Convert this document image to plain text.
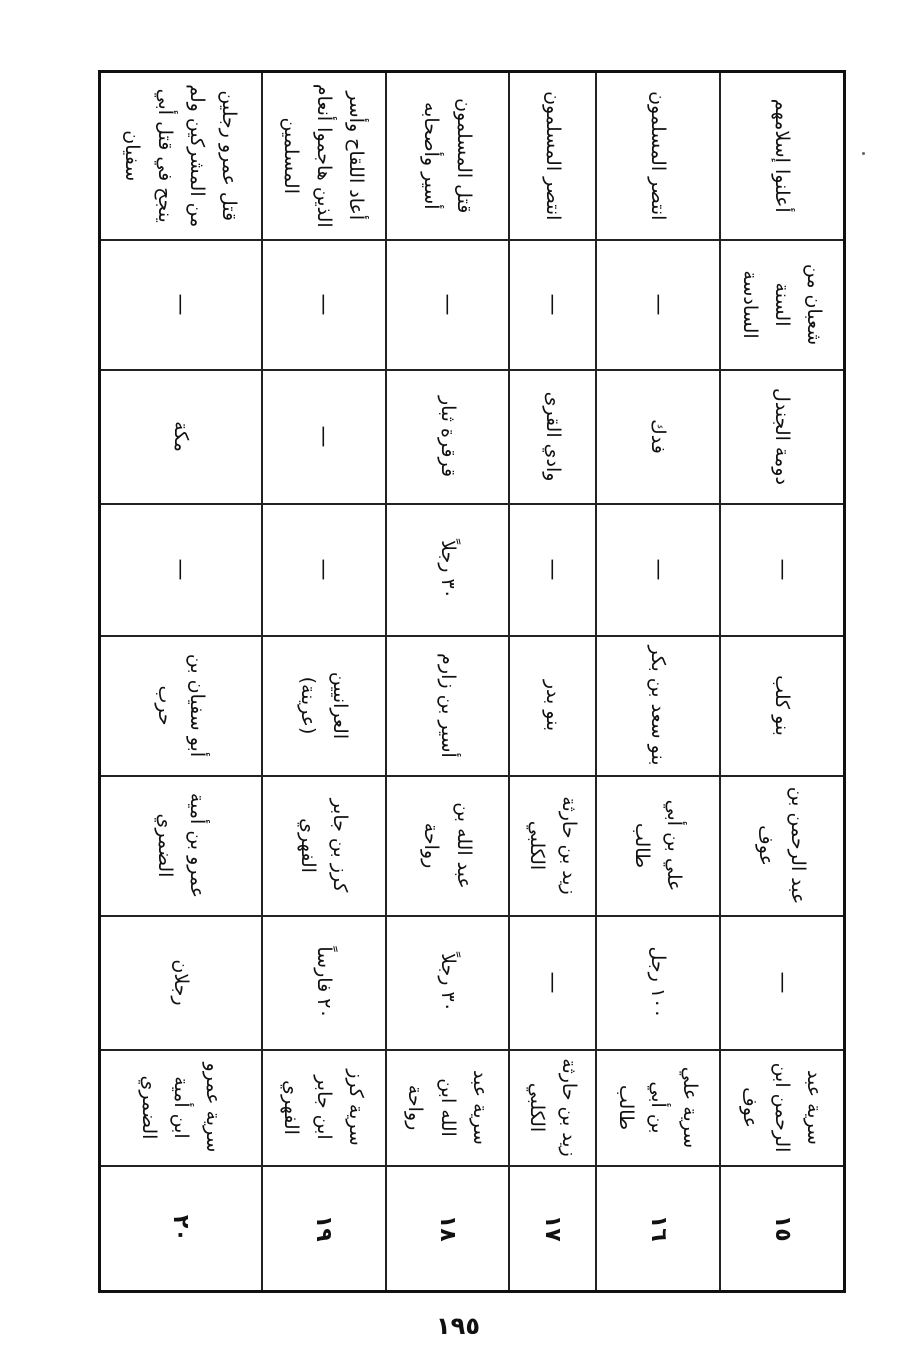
١٥	سرية عبد الرحمن ابن عوف	—	عبد الرحمن بن عوف	بنو كلب	—	دومة الجندل	شعبان من السنة السادسة	أعلنوا إسلامهم
١٦	سرية علي بن أبي طالب	١٠٠ رجل	علي بن أبي طالب	بنو سعد بن بكر	—	فدك	—	انتصر المسلمون
١٧	زيد بن حارثة الكلبي	—	زيد بن حارثة الكلبي	بنو بدر	—	وادي القرى	—	انتصر المسلمون
١٨	سرية عبد الله ابن رواحة	٣٠ رجلاً	عبد الله بن رواحة	أسير بن زارم	٣٠ رجلاً	قرقرة ثبار	—	قتل المسلمون أسير وأصحابه
١٩	سرية كرز ابن جابر الفهري	٢٠ فارساً	كرز بن جابر الفهري	العرانيين (عرينة)	—	—	—	أعاد اللقاح وأسر الذين هاجموا أنعام المسلمين
٢٠	سرية عمرو ابن أمية الضمري	رجلان	عمرو بن أمية الضمري	أبو سفيان بن حرب	—	مكة	—	قتل عمرو رجلين من المشركين ولم ينجح في قتل أبي سفيان
١٩٥
